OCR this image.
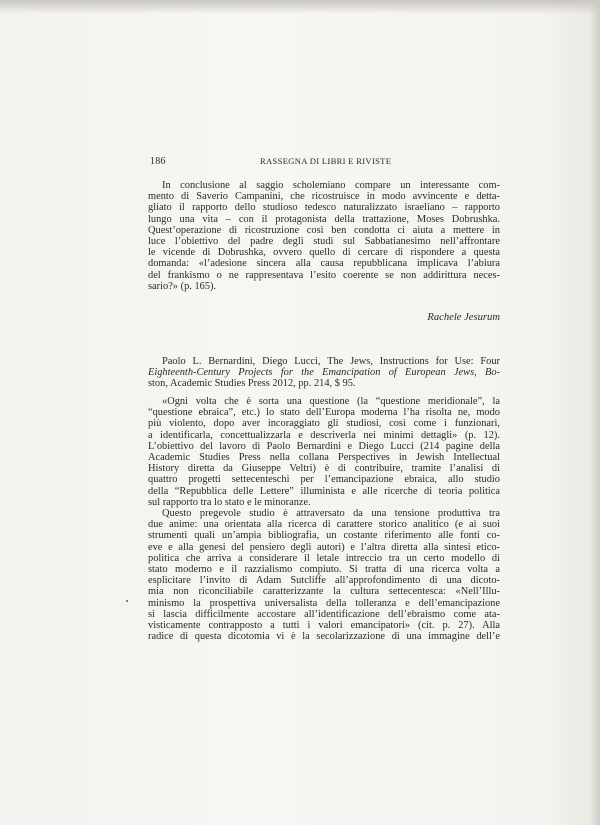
186	RASSEGNA DI LIBRI E RIVISTE
In conclusione al saggio scholemiano compare un interessante com-
mento di Saverio Campanini, che ricostruisce in modo avvincente e detta-
gliato il rapporto dello studioso tedesco naturalizzato israeliano – rapporto
lungo una vita – con il protagonista della trattazione, Moses Dobrushka.
Quest’operazione di ricostruzione così ben condotta ci aiuta a mettere in
luce l’obiettivo del padre degli studi sul Sabbatianesimo nell’affrontare
le vicende di Dobrushka, ovvero quello di cercare di rispondere a questa
domanda: «l’adesione sincera alla causa repubblicana implicava l’abiura
del frankismo o ne rappresentava l’esito coerente se non addirittura neces-
sario?» (p. 165).
Rachele Jesurum
Paolo L. Bernardini, Diego Lucci, The Jews, Instructions for Use: Four
Eighteenth-Century Projects for the Emancipation of European Jews, Bo-
ston, Academic Studies Press 2012, pp. 214, $ 95.
«Ogni volta che è sorta una questione (la “questione meridionale”, la
“questione ebraica”, etc.) lo stato dell’Europa moderna l’ha risolta ne, modo
più violento, dopo aver incoraggiato gli studiosi, così come i funzionari,
a identificarla, concettualizzarla e descriverla nei minimi dettagli» (p. 12).
L’obiettivo del lavoro di Paolo Bernardini e Diego Lucci (214 pagine della
Academic Studies Press nella collana Perspectives in Jewish Intellectual
History diretta da Giuseppe Veltri) è di contribuire, tramite l’analisi di
quattro progetti settecenteschi per l’emancipazione ebraica, allo studio
della “Repubblica delle Lettere” illuminista e alle ricerche di teoria politica
sul rapporto tra lo stato e le minoranze.
Questo pregevole studio è attraversato da una tensione produttiva tra
due anime: una orientata alla ricerca di carattere storico analitico (e ai suoi
strumenti quali un’ampia bibliografia, un costante riferimento alle fonti co-
eve e alla genesi del pensiero degli autori) e l’altra diretta alla sintesi etico-
politica che arriva a considerare il letale intreccio tra un certo modello di
stato moderno e il razzialismo compiuto. Si tratta di una ricerca volta a
esplicitare l’invito di Adam Sutcliffe all’approfondimento di una dicoto-
mia non riconciliabile caratterizzante la cultura settecentesca: «Nell’Illu-
minismo la prospettiva universalista della tolleranza e dell’emancipazione
si lascia difficilmente accostare all’identificazione dell’ebraismo come ata-
visticamente contrapposto a tutti i valori emancipatori» (cit. p. 27). Alla
radice di questa dicotomia vi è la secolarizzazione di una immagine dell’e
